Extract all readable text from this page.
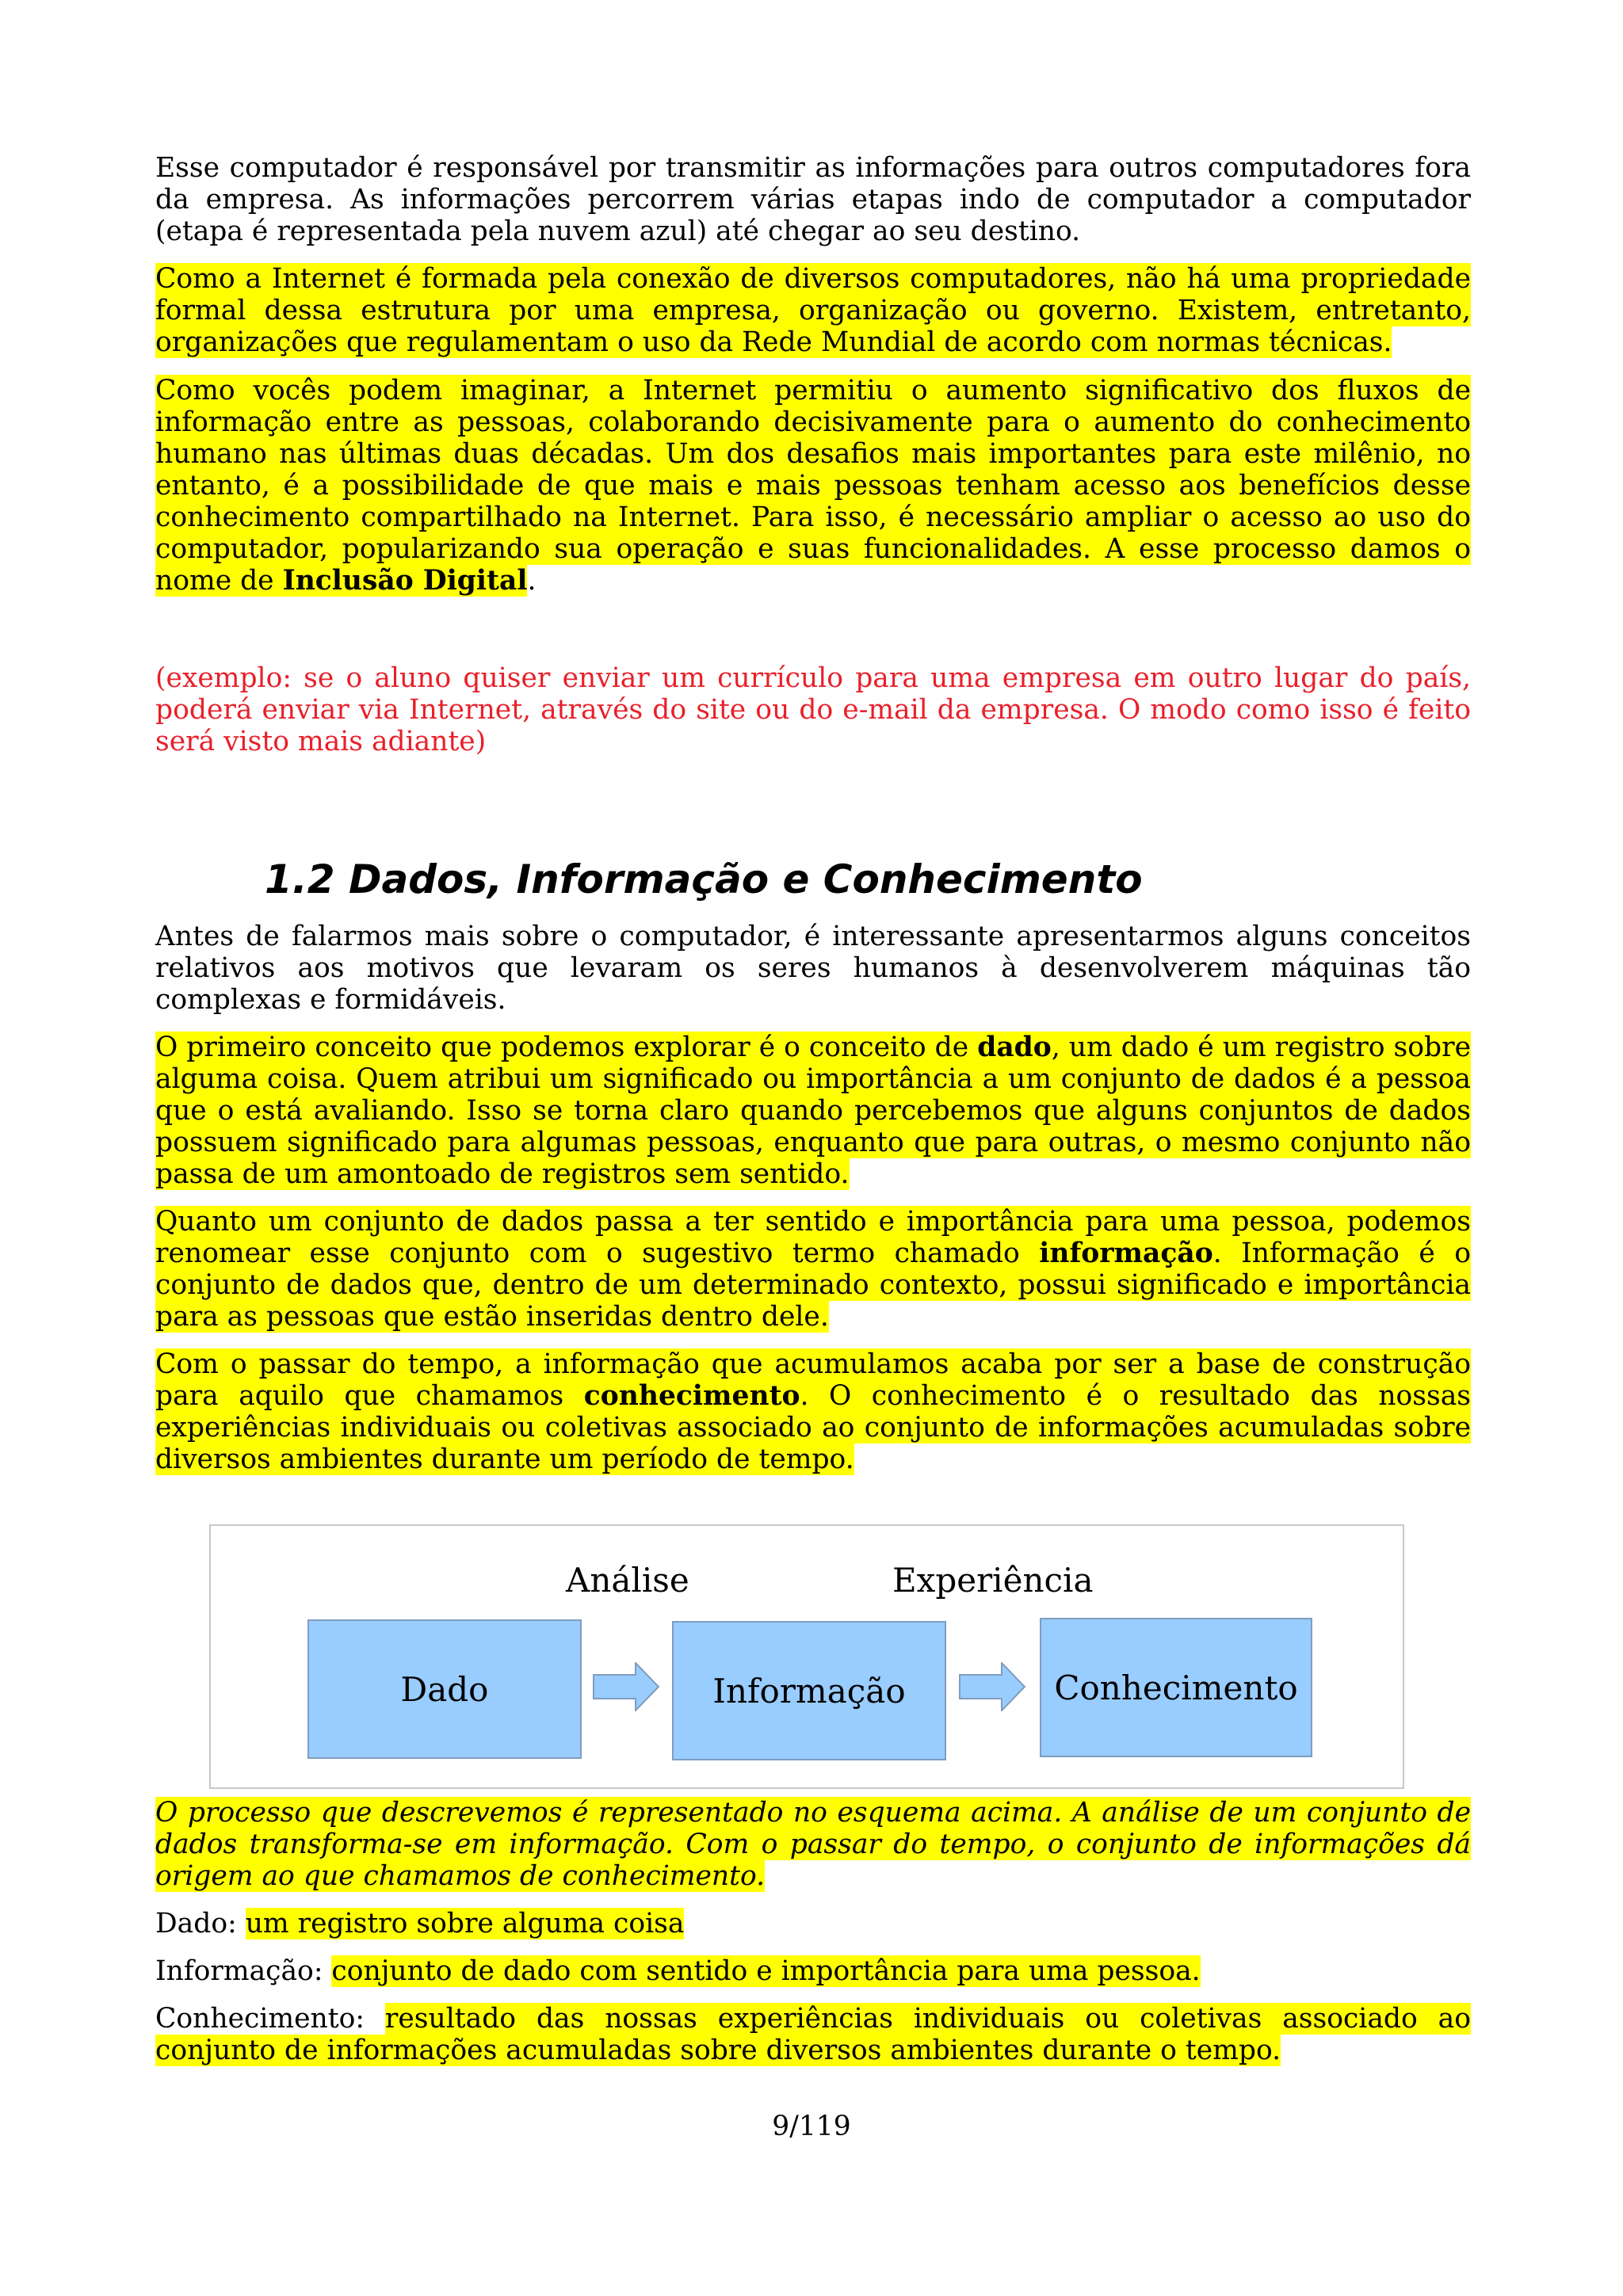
Esse computador é responsável por transmitir as informações para outros computadores fora da empresa. As informações percorrem várias etapas indo de computador a computador (etapa é representada pela nuvem azul) até chegar ao seu destino.

Como a Internet é formada pela conexão de diversos computadores, não há uma propriedade formal dessa estrutura por uma empresa, organização ou governo. Existem, entretanto, organizações que regulamentam o uso da Rede Mundial de acordo com normas técnicas.

Como vocês podem imaginar, a Internet permitiu o aumento significativo dos fluxos de informação entre as pessoas, colaborando decisivamente para o aumento do conhecimento humano nas últimas duas décadas. Um dos desafios mais importantes para este milênio, no entanto, é a possibilidade de que mais e mais pessoas tenham acesso aos benefícios desse conhecimento compartilhado na Internet. Para isso, é necessário ampliar o acesso ao uso do computador, popularizando sua operação e suas funcionalidades. A esse processo damos o nome de Inclusão Digital.

(exemplo: se o aluno quiser enviar um currículo para uma empresa em outro lugar do país, poderá enviar via Internet, através do site ou do e-mail da empresa. O modo como isso é feito será visto mais adiante)

1.2 Dados, Informação e Conhecimento

Antes de falarmos mais sobre o computador, é interessante apresentarmos alguns conceitos relativos aos motivos que levaram os seres humanos à desenvolverem máquinas tão complexas e formidáveis.

O primeiro conceito que podemos explorar é o conceito de dado, um dado é um registro sobre alguma coisa. Quem atribui um significado ou importância a um conjunto de dados é a pessoa que o está avaliando. Isso se torna claro quando percebemos que alguns conjuntos de dados possuem significado para algumas pessoas, enquanto que para outras, o mesmo conjunto não passa de um amontoado de registros sem sentido.

Quanto um conjunto de dados passa a ter sentido e importância para uma pessoa, podemos renomear esse conjunto com o sugestivo termo chamado informação. Informação é o conjunto de dados que, dentro de um determinado contexto, possui significado e importância para as pessoas que estão inseridas dentro dele.

Com o passar do tempo, a informação que acumulamos acaba por ser a base de construção para aquilo que chamamos conhecimento. O conhecimento é o resultado das nossas experiências individuais ou coletivas associado ao conjunto de informações acumuladas sobre diversos ambientes durante um período de tempo.

Análise	Experiência
Dado	Informação	Conhecimento

O processo que descrevemos é representado no esquema acima. A análise de um conjunto de dados transforma-se em informação. Com o passar do tempo, o conjunto de informações dá origem ao que chamamos de conhecimento.

Dado: um registro sobre alguma coisa

Informação: conjunto de dado com sentido e importância para uma pessoa.

Conhecimento: resultado das nossas experiências individuais ou coletivas associado ao conjunto de informações acumuladas sobre diversos ambientes durante o tempo.

9/119
